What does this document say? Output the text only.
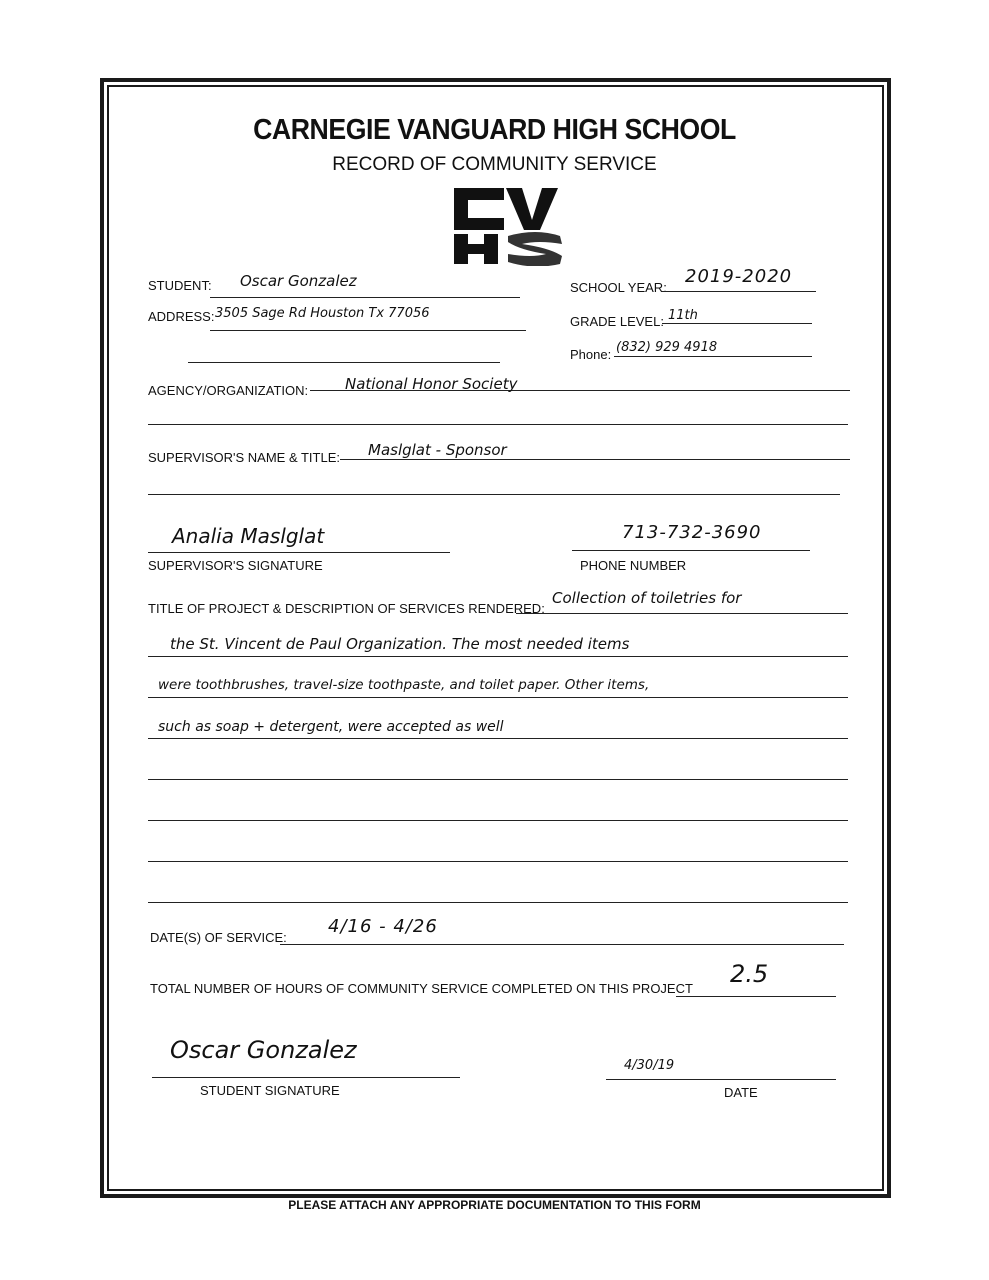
CARNEGIE VANGUARD HIGH SCHOOL
RECORD OF COMMUNITY SERVICE
STUDENT: Oscar Gonzalez	SCHOOL YEAR:
2019-2020
ADDRESS: 3505 Sage Rd Houston Tx 77056
GRADE LEVEL: 11th
Phone: (832) 929 4918
AGENCY/ORGANIZATION: National Honor Society
SUPERVISOR'S NAME & TITLE: Maslglat - Sponsor
Analia Maslglat
SUPERVISOR'S SIGNATURE
713-732-3690
PHONE NUMBER
TITLE OF PROJECT & DESCRIPTION OF SERVICES RENDERED:
Collection of toiletries for
the St. Vincent de Paul Organization. The most needed items
were toothbrushes, travel-size toothpaste, and toilet paper. Other items,
such as soap + detergent, were accepted as well
DATE(S) OF SERVICE:
4/16 - 4/26
TOTAL NUMBER OF HOURS OF COMMUNITY SERVICE COMPLETED ON THIS PROJECT
2.5
Oscar Gonzalez
STUDENT SIGNATURE
4/30/19
DATE
PLEASE ATTACH ANY APPROPRIATE DOCUMENTATION TO THIS FORM
